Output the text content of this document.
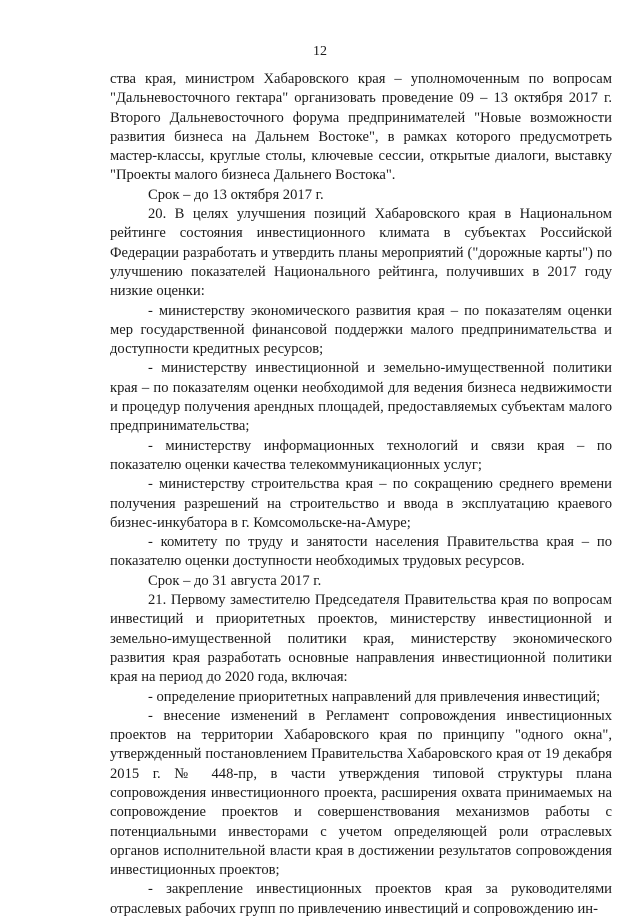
12

ства края, министром Хабаровского края – уполномоченным по вопросам "Дальневосточного гектара" организовать проведение 09 – 13 октября 2017 г. Второго Дальневосточного форума предпринимателей "Новые возможности развития бизнеса на Дальнем Востоке", в рамках которого предусмотреть мастер-классы, круглые столы, ключевые сессии, открытые диалоги, выставку "Проекты малого бизнеса Дальнего Востока".

Срок – до 13 октября 2017 г.

20. В целях улучшения позиций Хабаровского края в Национальном рейтинге состояния инвестиционного климата в субъектах Российской Федерации разработать и утвердить планы мероприятий ("дорожные карты") по улучшению показателей Национального рейтинга, получивших в 2017 году низкие оценки:

- министерству экономического развития края – по показателям оценки мер государственной финансовой поддержки малого предпринимательства и доступности кредитных ресурсов;

- министерству инвестиционной и земельно-имущественной политики края – по показателям оценки необходимой для ведения бизнеса недвижимости и процедур получения арендных площадей, предоставляемых субъектам малого предпринимательства;

- министерству информационных технологий и связи края – по показателю оценки качества телекоммуникационных услуг;

- министерству строительства края – по сокращению среднего времени получения разрешений на строительство и ввода в эксплуатацию краевого бизнес-инкубатора в г. Комсомольске-на-Амуре;

- комитету по труду и занятости населения Правительства края – по показателю оценки доступности необходимых трудовых ресурсов.

Срок – до 31 августа 2017 г.

21. Первому заместителю Председателя Правительства края по вопросам инвестиций и приоритетных проектов, министерству инвестиционной и земельно-имущественной политики края, министерству экономического развития края разработать основные направления инвестиционной политики края на период до 2020 года, включая:

- определение приоритетных направлений для привлечения инвестиций;

- внесение изменений в Регламент сопровождения инвестиционных проектов на территории Хабаровского края по принципу "одного окна", утвержденный постановлением Правительства Хабаровского края от 19 декабря 2015 г. № 448-пр, в части утверждения типовой структуры плана сопровождения инвестиционного проекта, расширения охвата принимаемых на сопровождение проектов и совершенствования механизмов работы с потенциальными инвесторами с учетом определяющей роли отраслевых органов исполнительной власти края в достижении результатов сопровождения инвестиционных проектов;

- закрепление инвестиционных проектов края за руководителями отраслевых рабочих групп по привлечению инвестиций и сопровождению ин-
